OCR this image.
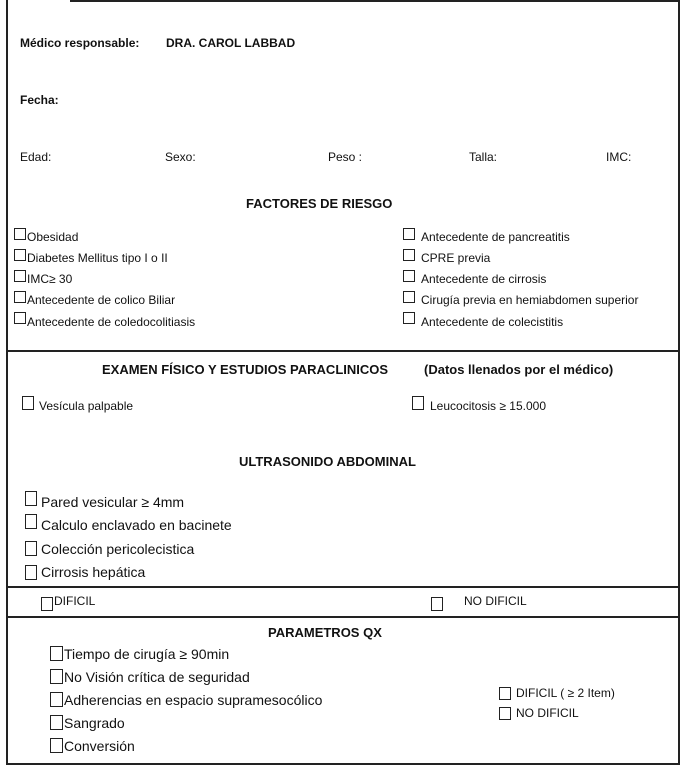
Médico responsable: DRA. CAROL LABBAD
Fecha:
Edad:	Sexo:	Peso :	Talla:	IMC:
FACTORES DE RIESGO
Obesidad
Diabetes Mellitus tipo I o II
IMC≥ 30
Antecedente de colico Biliar
Antecedente de coledocolitiasis
Antecedente de pancreatitis
CPRE previa
Antecedente de cirrosis
Cirugía previa en hemiabdomen superior
Antecedente de colecistitis
EXAMEN FÍSICO Y ESTUDIOS PARACLINICOS	(Datos llenados por el médico)
Vesícula palpable	Leucocitosis ≥ 15.000
ULTRASONIDO ABDOMINAL
Pared vesicular ≥ 4mm
Calculo enclavado en bacinete
Colección pericolecistica
Cirrosis hepática
DIFICIL	NO DIFICIL
PARAMETROS QX
Tiempo de cirugía ≥ 90min
No Visión crítica de seguridad
Adherencias en espacio supramesocólico
Sangrado
Conversión
DIFICIL ( ≥ 2 Item)
NO DIFICIL
